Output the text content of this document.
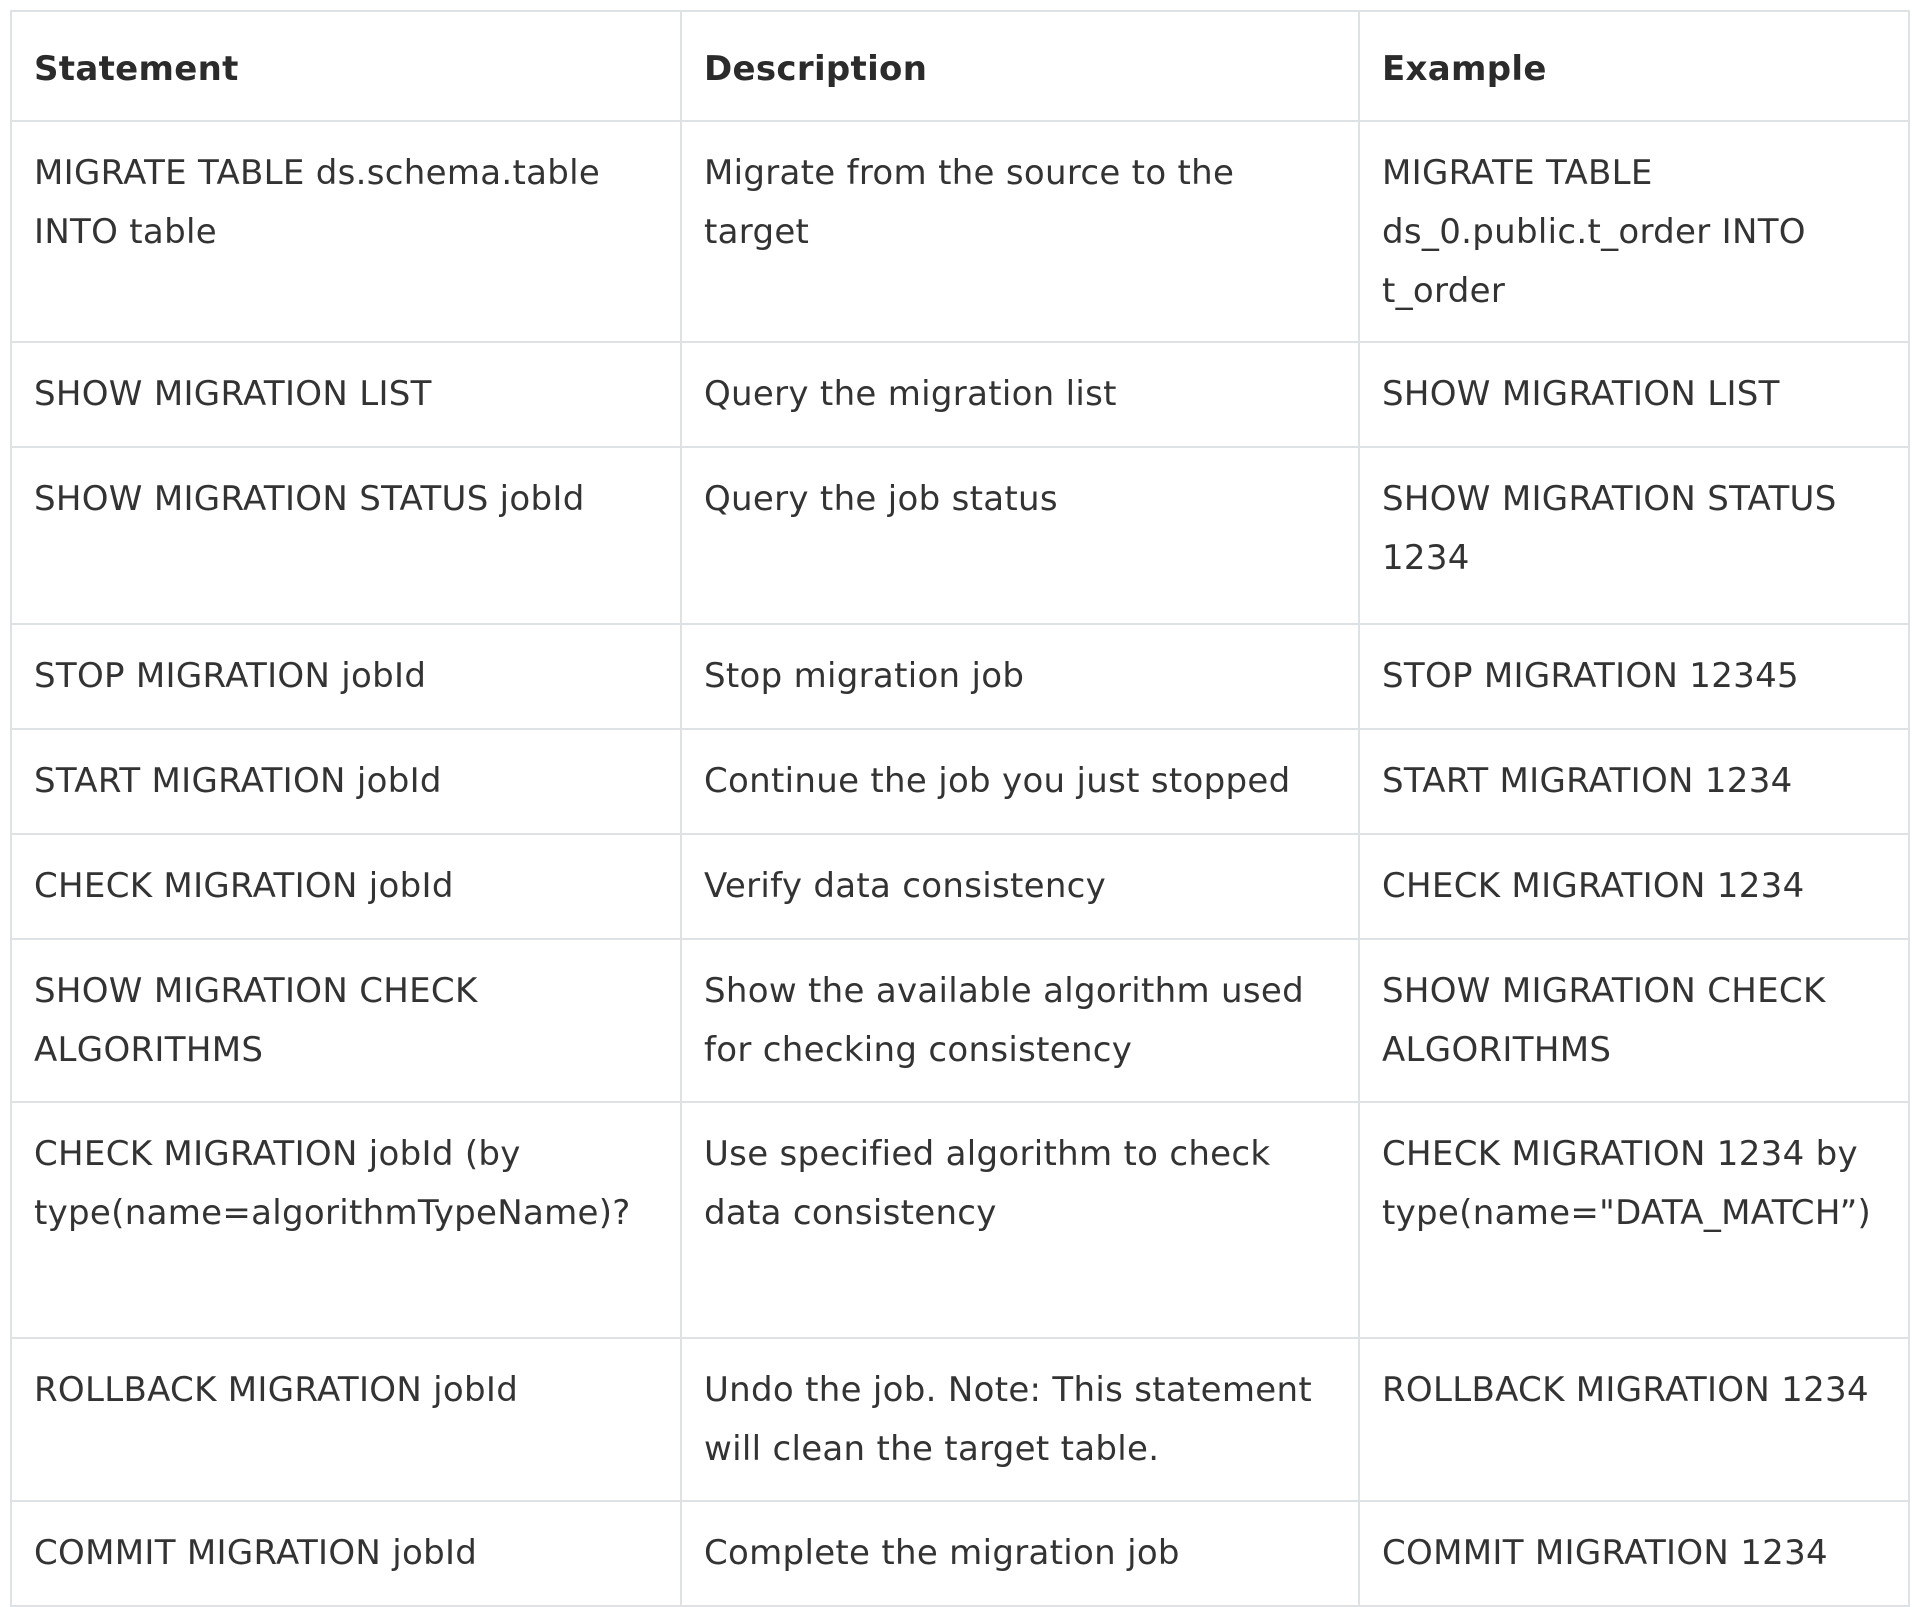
Statement	Description	Example
MIGRATE TABLE ds.schema.table INTO table	Migrate from the source to the target	MIGRATE TABLE ds_0.public.t_order INTO t_order
SHOW MIGRATION LIST	Query the migration list	SHOW MIGRATION LIST
SHOW MIGRATION STATUS jobId	Query the job status	SHOW MIGRATION STATUS 1234
STOP MIGRATION jobId	Stop migration job	STOP MIGRATION 12345
START MIGRATION jobId	Continue the job you just stopped	START MIGRATION 1234
CHECK MIGRATION jobId	Verify data consistency	CHECK MIGRATION 1234
SHOW MIGRATION CHECK ALGORITHMS	Show the available algorithm used for checking consistency	SHOW MIGRATION CHECK ALGORITHMS
CHECK MIGRATION jobId (by type(name=algorithmTypeName)?	Use specified algorithm to check data consistency	CHECK MIGRATION 1234 by type(name="DATA_MATCH”)
ROLLBACK MIGRATION jobId	Undo the job. Note: This statement will clean the target table.	ROLLBACK MIGRATION 1234
COMMIT MIGRATION jobId	Complete the migration job	COMMIT MIGRATION 1234
